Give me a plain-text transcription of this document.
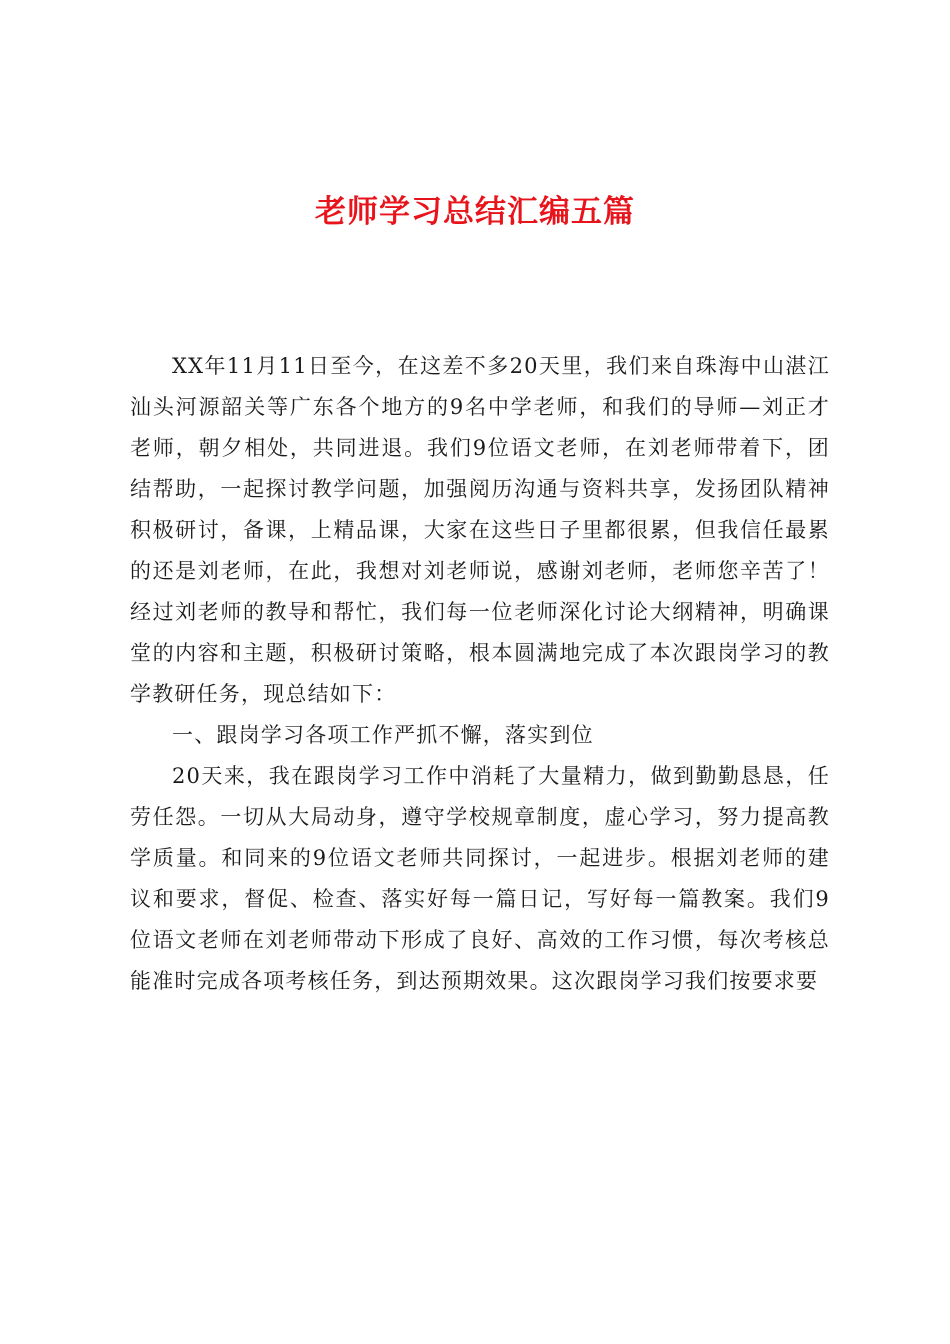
老师学习总结汇编五篇

XX年11月11日至今，在这差不多20天里，我们来自珠海中山湛江汕头河源韶关等广东各个地方的9名中学老师，和我们的导师—刘正才老师，朝夕相处，共同进退。我们9位语文老师，在刘老师带着下，团结帮助，一起探讨教学问题，加强阅历沟通与资料共享，发扬团队精神积极研讨，备课，上精品课，大家在这些日子里都很累，但我信任最累的还是刘老师，在此，我想对刘老师说，感谢刘老师，老师您辛苦了！经过刘老师的教导和帮忙，我们每一位老师深化讨论大纲精神，明确课堂的内容和主题，积极研讨策略，根本圆满地完成了本次跟岗学习的教学教研任务，现总结如下：

一、跟岗学习各项工作严抓不懈，落实到位

20天来，我在跟岗学习工作中消耗了大量精力，做到勤勤恳恳，任劳任怨。一切从大局动身，遵守学校规章制度，虚心学习，努力提高教学质量。和同来的9位语文老师共同探讨，一起进步。根据刘老师的建议和要求，督促、检查、落实好每一篇日记，写好每一篇教案。我们9位语文老师在刘老师带动下形成了良好、高效的工作习惯，每次考核总能准时完成各项考核任务，到达预期效果。这次跟岗学习我们按要求要
